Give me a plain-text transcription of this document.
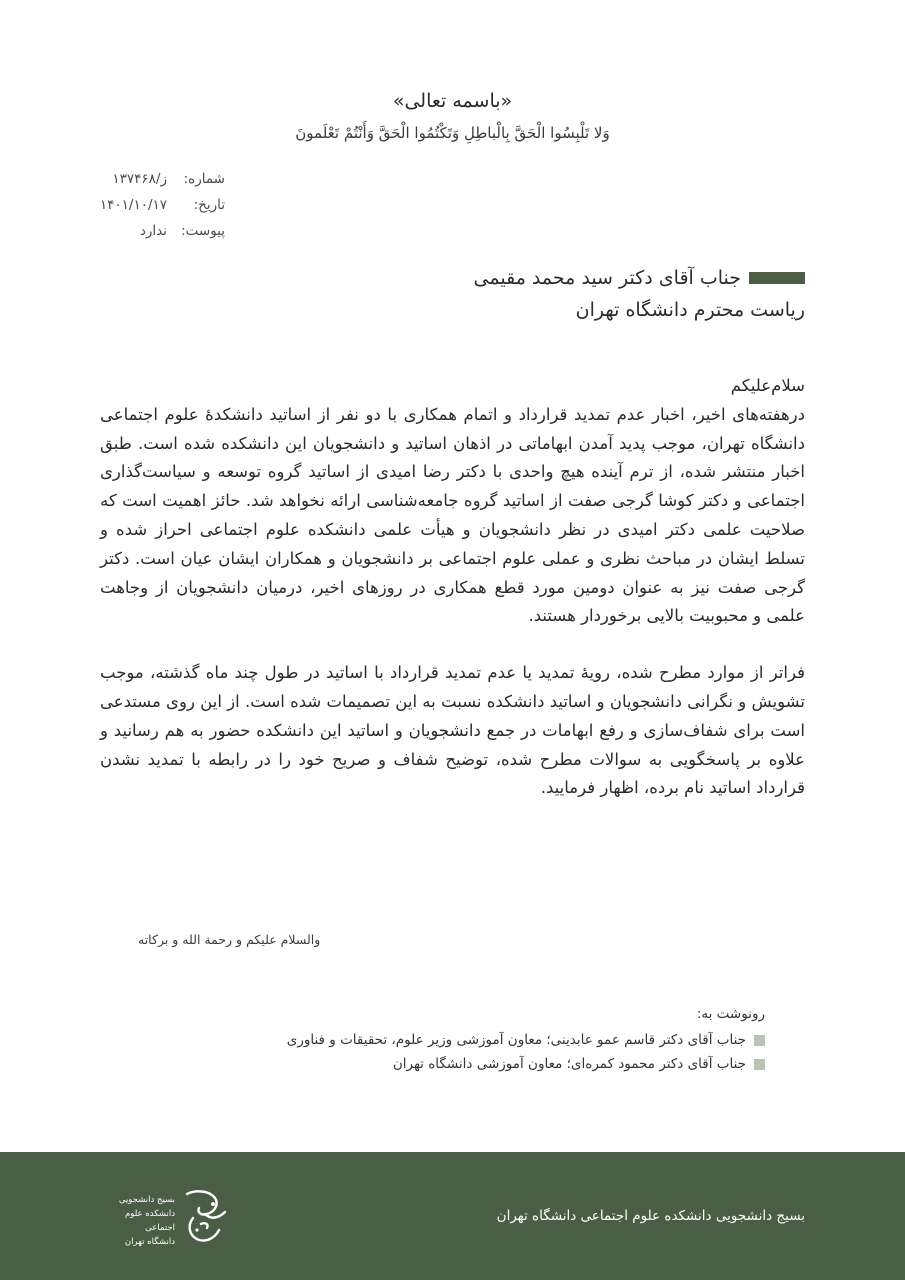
«باسمه تعالی»
وَلا تَلْبِسُوا الْحَقَّ بِالْباطِلِ وَتَکْتُمُوا الْحَقَّ وَأَنْتُمْ تَعْلَمونَ
شماره:
ز/۱۳۷۴۶۸
تاریخ:
۱۴۰۱/۱۰/۱۷
پیوست:
ندارد
جناب آقای دکتر سید محمد مقیمی
ریاست محترم دانشگاه تهران

سلام‌علیکم

درهفته‌های اخیر، اخبار عدم تمدید قرارداد و اتمام همکاری با دو نفر از اساتید دانشکدهٔ علوم اجتماعی دانشگاه تهران، موجب پدید آمدن ابهاماتی در اذهان اساتید و دانشجویان این دانشکده شده است. طبق اخبار منتشر شده، از ترم آینده هیچ واحدی با دکتر رضا امیدی از اساتید گروه توسعه و سیاست‌گذاری اجتماعی و دکتر کوشا گرجی صفت از اساتید گروه جامعه‌شناسی ارائه نخواهد شد. حائز اهمیت است که صلاحیت علمی دکتر امیدی در نظر دانشجویان و هیأت علمی دانشکده علوم اجتماعی احراز شده و تسلط ایشان در مباحث نظری و عملی علوم اجتماعی بر دانشجویان و همکاران ایشان عیان است. دکتر گرجی صفت نیز به عنوان دومین مورد قطع همکاری در روزهای اخیر، درمیان دانشجویان از وجاهت علمی و محبوبیت بالایی برخوردار هستند.

فراتر از موارد مطرح شده، رویهٔ تمدید یا عدم تمدید قرارداد با اساتید در طول چند ماه گذشته، موجب تشویش و نگرانی دانشجویان و اساتید دانشکده نسبت به این تصمیمات شده است. از این روی مستدعی است برای شفاف‌سازی و رفع ابهامات در جمع دانشجویان و اساتید این دانشکده حضور به هم رسانید و علاوه بر پاسخگویی به سوالات مطرح شده، توضیح شفاف و صریح خود را در رابطه با تمدید نشدن قرارداد اساتید نام برده، اظهار فرمایید.

والسلام علیکم و رحمة الله و برکاته
رونوشت به:
جناب آقای دکتر قاسم عمو عابدینی؛ معاون آموزشی وزیر علوم، تحقیقات و فناوری
جناب آقای دکتر محمود کمره‌ای؛ معاون آموزشی دانشگاه تهران
بسیج دانشجویی دانشکده علوم اجتماعی دانشگاه تهران
بسیج دانشجویی
دانشکده علوم اجتماعی
دانشگاه تهران
